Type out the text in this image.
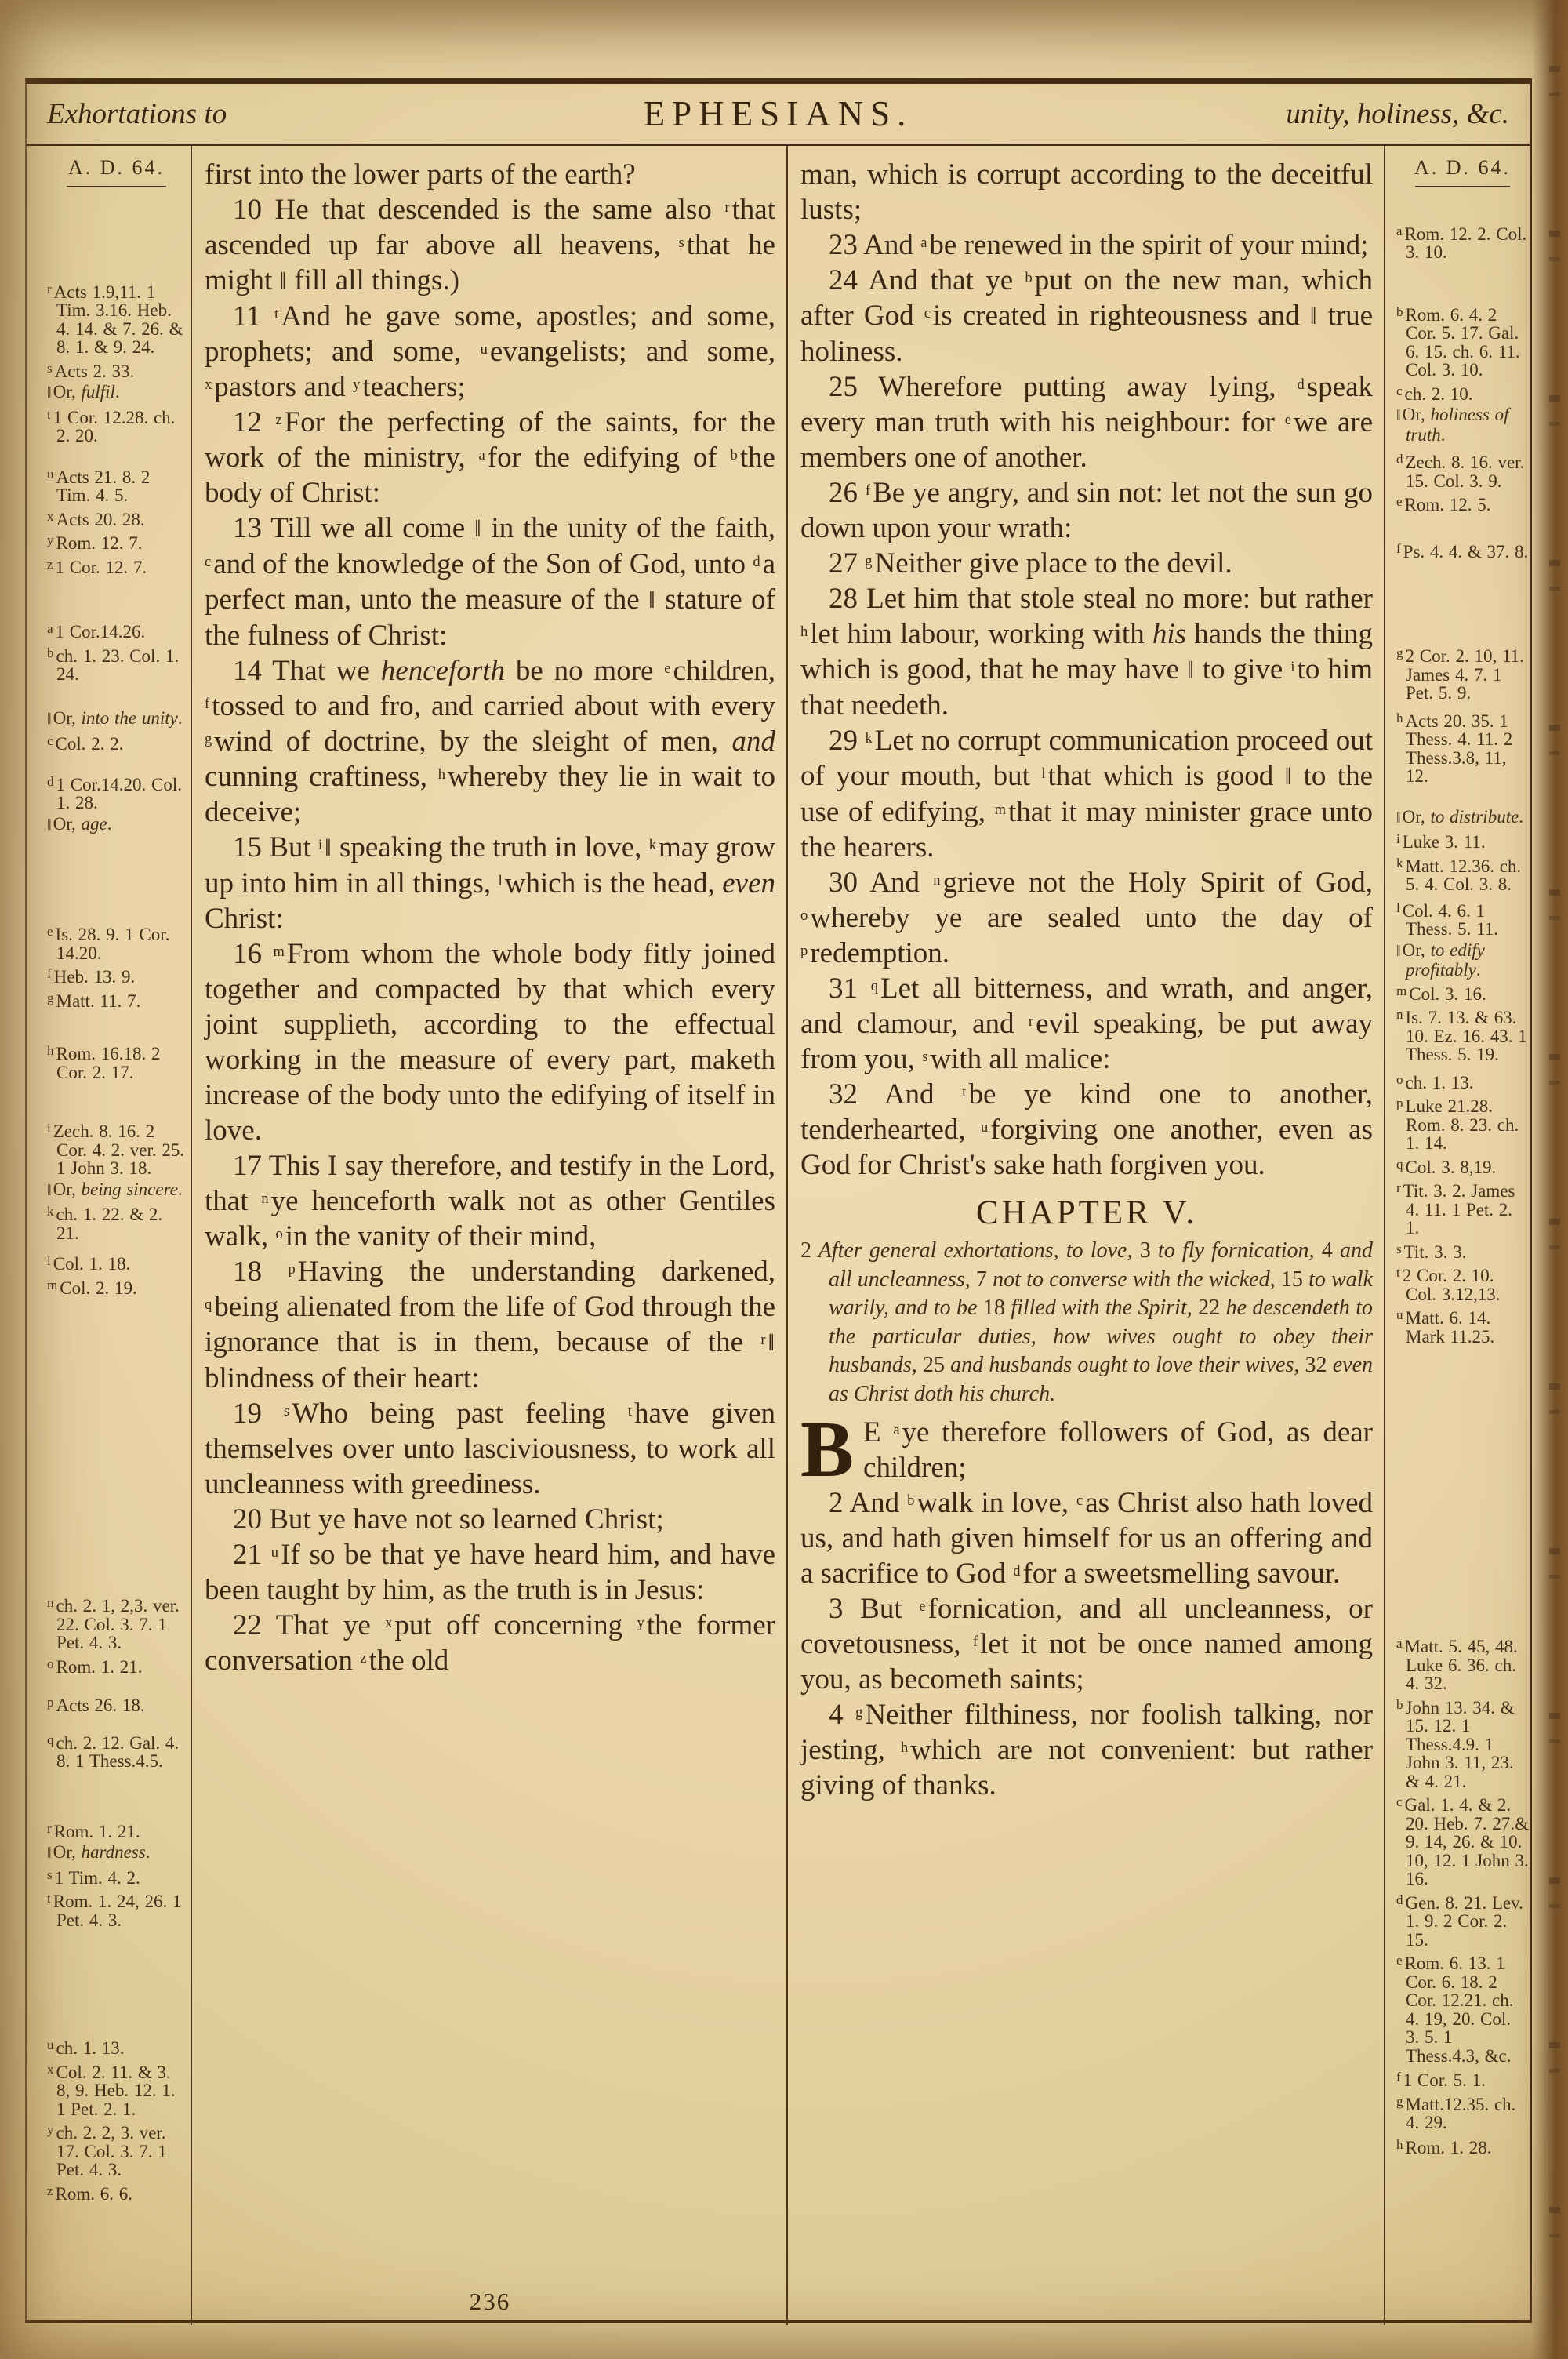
Exhortations to	EPHESIANS.	unity, holiness, &c.
A. D. 64.
$^r$ Acts 1.9,11. 1 Tim. 3.16. Heb. 4. 14. & 7. 26. & 8. 1. & 9. 24.
$^s$ Acts 2. 33.
‖Or, fulfil.
$^t$ 1 Cor. 12.28. ch. 2. 20.
$^u$ Acts 21. 8. 2 Tim. 4. 5.
$^x$ Acts 20. 28.
$^y$ Rom. 12. 7.
$^z$ 1 Cor. 12. 7.
$^a$ 1 Cor.14.26.
$^b$ ch. 1. 23. Col. 1. 24.
‖Or, into the unity.
$^c$ Col. 2. 2.
$^d$ 1 Cor.14.20. Col. 1. 28.
‖Or, age.
$^e$ Is. 28. 9. 1 Cor. 14.20.
$^f$ Heb. 13. 9.
$^g$ Matt. 11. 7.
$^h$ Rom. 16.18. 2 Cor. 2. 17.
$^i$ Zech. 8. 16. 2 Cor. 4. 2. ver. 25. 1 John 3. 18.
‖Or, being sincere.
$^k$ ch. 1. 22. & 2. 21.
$^l$ Col. 1. 18.
$^m$ Col. 2. 19.
$^n$ ch. 2. 1, 2,3. ver. 22. Col. 3. 7. 1 Pet. 4. 3.
$^o$ Rom. 1. 21.
$^p$ Acts 26. 18.
$^q$ ch. 2. 12. Gal. 4. 8. 1 Thess.4.5.
$^r$ Rom. 1. 21.
‖Or, hardness.
$^s$ 1 Tim. 4. 2.
$^t$ Rom. 1. 24, 26. 1 Pet. 4. 3.
$^u$ ch. 1. 13.
$^x$ Col. 2. 11. & 3. 8, 9. Heb. 12. 1. 1 Pet. 2. 1.
$^y$ ch. 2. 2, 3. ver. 17. Col. 3. 7. 1 Pet. 4. 3.
$^z$ Rom. 6. 6.

first into the lower parts of the earth?

10 He that descended is the same also $^r$that ascended up far above all heavens, $^s$that he might ‖ fill all things.)

11 $^t$And he gave some, apostles; and some, prophets; and some, $^u$evangelists; and some, $^x$pastors and $^y$teachers;

12 $^z$For the perfecting of the saints, for the work of the ministry, $^a$for the edifying of $^b$the body of Christ:

13 Till we all come ‖ in the unity of the faith, $^c$and of the knowledge of the Son of God, unto $^d$a perfect man, unto the measure of the ‖ stature of the fulness of Christ:

14 That we henceforth be no more $^e$children, $^f$tossed to and fro, and carried about with every $^g$wind of doctrine, by the sleight of men, and cunning craftiness, $^h$whereby they lie in wait to deceive;

15 But $^i$‖ speaking the truth in love, $^k$may grow up into him in all things, $^l$which is the head, even Christ:

16 $^m$From whom the whole body fitly joined together and compacted by that which every joint supplieth, according to the effectual working in the measure of every part, maketh increase of the body unto the edifying of itself in love.

17 This I say therefore, and testify in the Lord, that $^n$ye henceforth walk not as other Gentiles walk, $^o$in the vanity of their mind,

18 $^p$Having the understanding darkened, $^q$being alienated from the life of God through the ignorance that is in them, because of the $^r$‖ blindness of their heart:

19 $^s$Who being past feeling $^t$have given themselves over unto lasciviousness, to work all uncleanness with greediness.

20 But ye have not so learned Christ;

21 $^u$If so be that ye have heard him, and have been taught by him, as the truth is in Jesus:

22 That ye $^x$put off concerning $^y$the former conversation $^z$the old

236

man, which is corrupt according to the deceitful lusts;

23 And $^a$be renewed in the spirit of your mind;

24 And that ye $^b$put on the new man, which after God $^c$is created in righteousness and ‖ true holiness.

25 Wherefore putting away lying, $^d$speak every man truth with his neighbour: for $^e$we are members one of another.

26 $^f$Be ye angry, and sin not: let not the sun go down upon your wrath:

27 $^g$Neither give place to the devil.

28 Let him that stole steal no more: but rather $^h$let him labour, working with his hands the thing which is good, that he may have ‖ to give $^i$to him that needeth.

29 $^k$Let no corrupt communication proceed out of your mouth, but $^l$that which is good ‖ to the use of edifying, $^m$that it may minister grace unto the hearers.

30 And $^n$grieve not the Holy Spirit of God, $^o$whereby ye are sealed unto the day of $^p$redemption.

31 $^q$Let all bitterness, and wrath, and anger, and clamour, and $^r$evil speaking, be put away from you, $^s$with all malice:

32 And $^t$be ye kind one to another, tenderhearted, $^u$forgiving one another, even as God for Christ's sake hath forgiven you.

CHAPTER V.

2 After general exhortations, to love, 3 to fly fornication, 4 and all uncleanness, 7 not to converse with the wicked, 15 to walk warily, and to be 18 filled with the Spirit, 22 he descendeth to the particular duties, how wives ought to obey their husbands, 25 and husbands ought to love their wives, 32 even as Christ doth his church.

B E $^a$ye therefore followers of God, as dear children;

2 And $^b$walk in love, $^c$as Christ also hath loved us, and hath given himself for us an offering and a sacrifice to God $^d$for a sweetsmelling savour.

3 But $^e$fornication, and all uncleanness, or covetousness, $^f$let it not be once named among you, as becometh saints;

4 $^g$Neither filthiness, nor foolish talking, nor jesting, $^h$which are not convenient: but rather giving of thanks.

A. D. 64.
$^a$ Rom. 12. 2. Col. 3. 10.
$^b$ Rom. 6. 4. 2 Cor. 5. 17. Gal. 6. 15. ch. 6. 11. Col. 3. 10.
$^c$ ch. 2. 10.
‖Or, holiness of truth.
$^d$ Zech. 8. 16. ver. 15. Col. 3. 9.
$^e$ Rom. 12. 5.
$^f$ Ps. 4. 4. & 37. 8.
$^g$ 2 Cor. 2. 10, 11. James 4. 7. 1 Pet. 5. 9.
$^h$ Acts 20. 35. 1 Thess. 4. 11. 2 Thess.3.8, 11, 12.
‖Or, to distribute.
$^i$ Luke 3. 11.
$^k$ Matt. 12.36. ch. 5. 4. Col. 3. 8.
$^l$ Col. 4. 6. 1 Thess. 5. 11.
‖Or, to edify profitably.
$^m$ Col. 3. 16.
$^n$ Is. 7. 13. & 63. 10. Ez. 16. 43. 1 Thess. 5. 19.
$^o$ ch. 1. 13.
$^p$ Luke 21.28. Rom. 8. 23. ch. 1. 14.
$^q$ Col. 3. 8,19.
$^r$ Tit. 3. 2. James 4. 11. 1 Pet. 2. 1.
$^s$ Tit. 3. 3.
$^t$ 2 Cor. 2. 10. Col. 3.12,13.
$^u$ Matt. 6. 14. Mark 11.25.
$^a$ Matt. 5. 45, 48. Luke 6. 36. ch. 4. 32.
$^b$ John 13. 34. & 15. 12. 1 Thess.4.9. 1 John 3. 11, 23. & 4. 21.
$^c$ Gal. 1. 4. & 2. 20. Heb. 7. 27.& 9. 14, 26. & 10. 10, 12. 1 John 3. 16.
$^d$ Gen. 8. 21. Lev. 1. 9. 2 Cor. 2. 15.
$^e$ Rom. 6. 13. 1 Cor. 6. 18. 2 Cor. 12.21. ch. 4. 19, 20. Col. 3. 5. 1 Thess.4.3, &c.
$^f$ 1 Cor. 5. 1.
$^g$ Matt.12.35. ch. 4. 29.
$^h$ Rom. 1. 28.
